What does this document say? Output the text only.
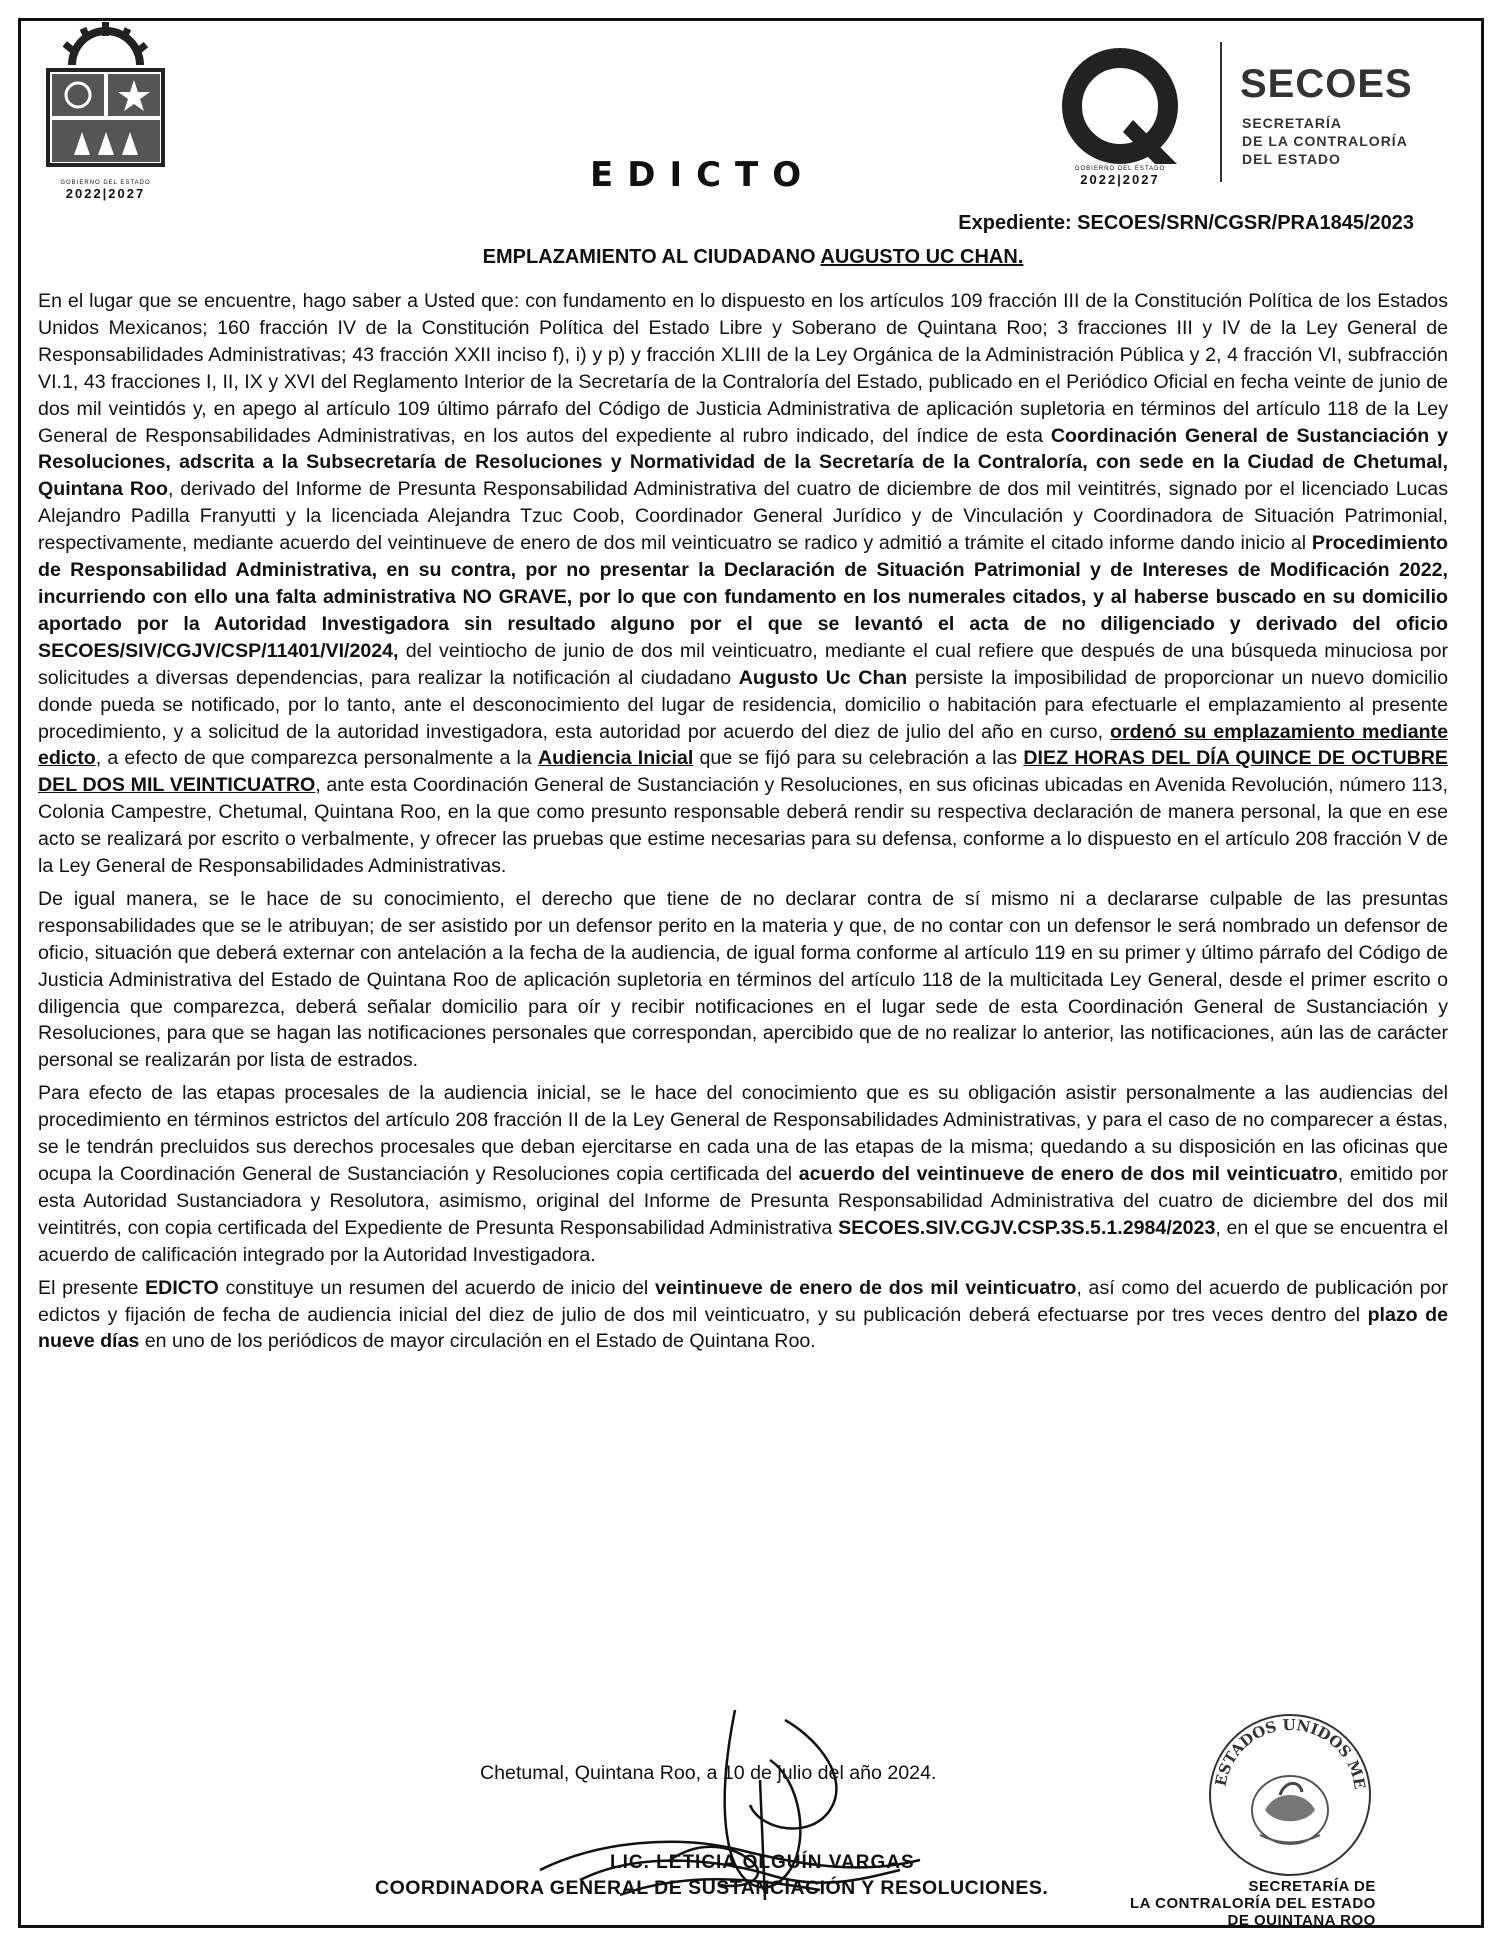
GOBIERNO DEL ESTADO
2022|2027	EDICTO	GOBIERNO DEL ESTADO
2022|2027
SECOES
SECRETARÍA
DE LA CONTRALORÍA
DEL ESTADO
Expediente: SECOES/SRN/CGSR/PRA1845/2023
EMPLAZAMIENTO AL CIUDADANO AUGUSTO UC CHAN.

En el lugar que se encuentre, hago saber a Usted que: con fundamento en lo dispuesto en los artículos 109 fracción III de la Constitución Política de los Estados Unidos Mexicanos; 160 fracción IV de la Constitución Política del Estado Libre y Soberano de Quintana Roo; 3 fracciones III y IV de la Ley General de Responsabilidades Administrativas; 43 fracción XXII inciso f), i) y p) y fracción XLIII de la Ley Orgánica de la Administración Pública y 2, 4 fracción VI, subfracción VI.1, 43 fracciones I, II, IX y XVI del Reglamento Interior de la Secretaría de la Contraloría del Estado, publicado en el Periódico Oficial en fecha veinte de junio de dos mil veintidós y, en apego al artículo 109 último párrafo del Código de Justicia Administrativa de aplicación supletoria en términos del artículo 118 de la Ley General de Responsabilidades Administrativas, en los autos del expediente al rubro indicado, del índice de esta Coordinación General de Sustanciación y Resoluciones, adscrita a la Subsecretaría de Resoluciones y Normatividad de la Secretaría de la Contraloría, con sede en la Ciudad de Chetumal, Quintana Roo, derivado del Informe de Presunta Responsabilidad Administrativa del cuatro de diciembre de dos mil veintitrés, signado por el licenciado Lucas Alejandro Padilla Franyutti y la licenciada Alejandra Tzuc Coob, Coordinador General Jurídico y de Vinculación y Coordinadora de Situación Patrimonial, respectivamente, mediante acuerdo del veintinueve de enero de dos mil veinticuatro se radico y admitió a trámite el citado informe dando inicio al Procedimiento de Responsabilidad Administrativa, en su contra, por no presentar la Declaración de Situación Patrimonial y de Intereses de Modificación 2022, incurriendo con ello una falta administrativa NO GRAVE, por lo que con fundamento en los numerales citados, y al haberse buscado en su domicilio aportado por la Autoridad Investigadora sin resultado alguno por el que se levantó el acta de no diligenciado y derivado del oficio SECOES/SIV/CGJV/CSP/11401/VI/2024, del veintiocho de junio de dos mil veinticuatro, mediante el cual refiere que después de una búsqueda minuciosa por solicitudes a diversas dependencias, para realizar la notificación al ciudadano Augusto Uc Chan persiste la imposibilidad de proporcionar un nuevo domicilio donde pueda se notificado, por lo tanto, ante el desconocimiento del lugar de residencia, domicilio o habitación para efectuarle el emplazamiento al presente procedimiento, y a solicitud de la autoridad investigadora, esta autoridad por acuerdo del diez de julio del año en curso, ordenó su emplazamiento mediante edicto, a efecto de que comparezca personalmente a la Audiencia Inicial que se fijó para su celebración a las DIEZ HORAS DEL DÍA QUINCE DE OCTUBRE DEL DOS MIL VEINTICUATRO, ante esta Coordinación General de Sustanciación y Resoluciones, en sus oficinas ubicadas en Avenida Revolución, número 113, Colonia Campestre, Chetumal, Quintana Roo, en la que como presunto responsable deberá rendir su respectiva declaración de manera personal, la que en ese acto se realizará por escrito o verbalmente, y ofrecer las pruebas que estime necesarias para su defensa, conforme a lo dispuesto en el artículo 208 fracción V de la Ley General de Responsabilidades Administrativas.

De igual manera, se le hace de su conocimiento, el derecho que tiene de no declarar contra de sí mismo ni a declararse culpable de las presuntas responsabilidades que se le atribuyan; de ser asistido por un defensor perito en la materia y que, de no contar con un defensor le será nombrado un defensor de oficio, situación que deberá externar con antelación a la fecha de la audiencia, de igual forma conforme al artículo 119 en su primer y último párrafo del Código de Justicia Administrativa del Estado de Quintana Roo de aplicación supletoria en términos del artículo 118 de la multicitada Ley General, desde el primer escrito o diligencia que comparezca, deberá señalar domicilio para oír y recibir notificaciones en el lugar sede de esta Coordinación General de Sustanciación y Resoluciones, para que se hagan las notificaciones personales que correspondan, apercibido que de no realizar lo anterior, las notificaciones, aún las de carácter personal se realizarán por lista de estrados.

Para efecto de las etapas procesales de la audiencia inicial, se le hace del conocimiento que es su obligación asistir personalmente a las audiencias del procedimiento en términos estrictos del artículo 208 fracción II de la Ley General de Responsabilidades Administrativas, y para el caso de no comparecer a éstas, se le tendrán precluidos sus derechos procesales que deban ejercitarse en cada una de las etapas de la misma; quedando a su disposición en las oficinas que ocupa la Coordinación General de Sustanciación y Resoluciones copia certificada del acuerdo del veintinueve de enero de dos mil veinticuatro, emitido por esta Autoridad Sustanciadora y Resolutora, asimismo, original del Informe de Presunta Responsabilidad Administrativa del cuatro de diciembre del dos mil veintitrés, con copia certificada del Expediente de Presunta Responsabilidad Administrativa SECOES.SIV.CGJV.CSP.3S.5.1.2984/2023, en el que se encuentra el acuerdo de calificación integrado por la Autoridad Investigadora.

El presente EDICTO constituye un resumen del acuerdo de inicio del veintinueve de enero de dos mil veinticuatro, así como del acuerdo de publicación por edictos y fijación de fecha de audiencia inicial del diez de julio de dos mil veinticuatro, y su publicación deberá efectuarse por tres veces dentro del plazo de nueve días en uno de los periódicos de mayor circulación en el Estado de Quintana Roo.

Chetumal, Quintana Roo, a 10 de julio del año 2024.
LIC. LETICIA OLGUÍN VARGAS
COORDINADORA GENERAL DE SUSTANCIACIÓN Y RESOLUCIONES.	SECRETARÍA DE
LA CONTRALORÍA DEL ESTADO
DE QUINTANA ROO
ESTADOS UNIDOS ME
